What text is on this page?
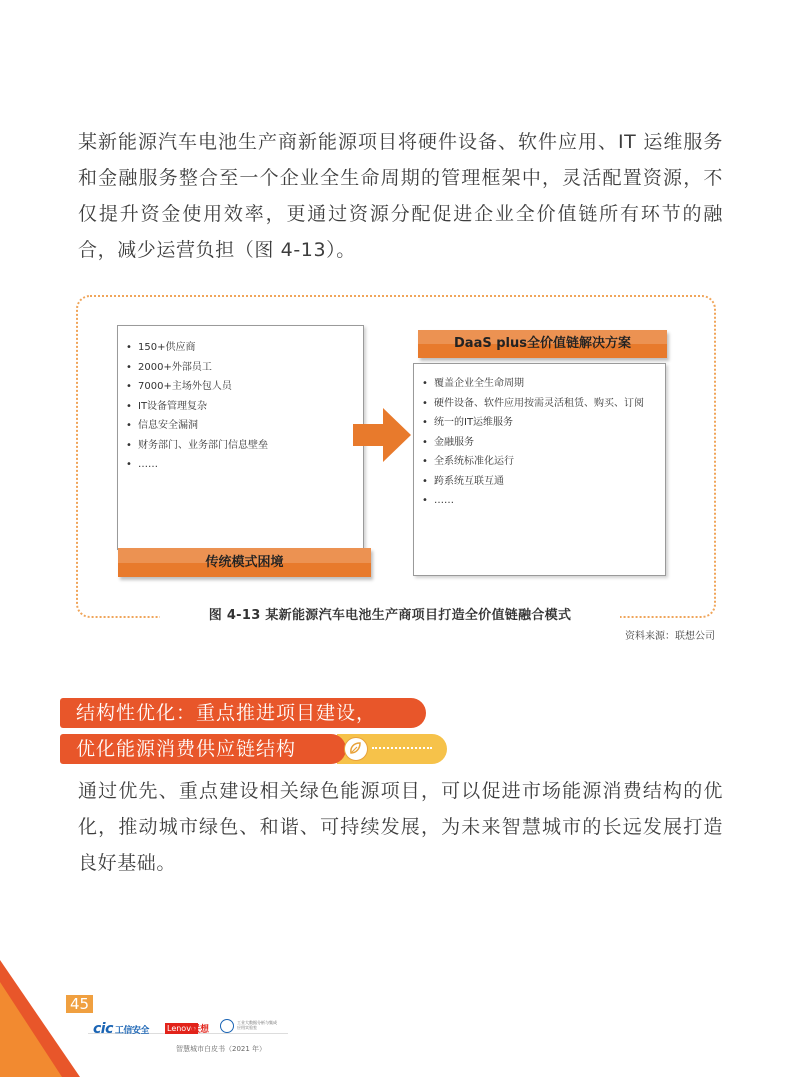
某新能源汽车电池生产商新能源项目将硬件设备、软件应用、IT 运维服务和金融服务整合至一个企业全生命周期的管理框架中，灵活配置资源，不仅提升资金使用效率，更通过资源分配促进企业全价值链所有环节的融合，减少运营负担（图 4-13）。

• 150+供应商
• 2000+外部员工
• 7000+主场外包人员
• IT设备管理复杂
• 信息安全漏洞
• 财务部门、业务部门信息壁垒
• ……
传统模式困境
DaaS plus全价值链解决方案
• 覆盖企业全生命周期
• 硬件设备、软件应用按需灵活租赁、购买、订阅
• 统一的IT运维服务
• 金融服务
• 全系统标准化运行
• 跨系统互联互通
• ……
图 4-13 某新能源汽车电池生产商项目打造全价值链融合模式
资料来源：联想公司
结构性优化：重点推进项目建设，
优化能源消费供应链结构

通过优先、重点建设相关绿色能源项目，可以促进市场能源消费结构的优化，推动城市绿色、和谐、可持续发展，为未来智慧城市的长远发展打造良好基础。

45
cic 工信安全 Lenovo
联想
工业大数据分析与集成应用实验室
智慧城市白皮书（2021 年）
